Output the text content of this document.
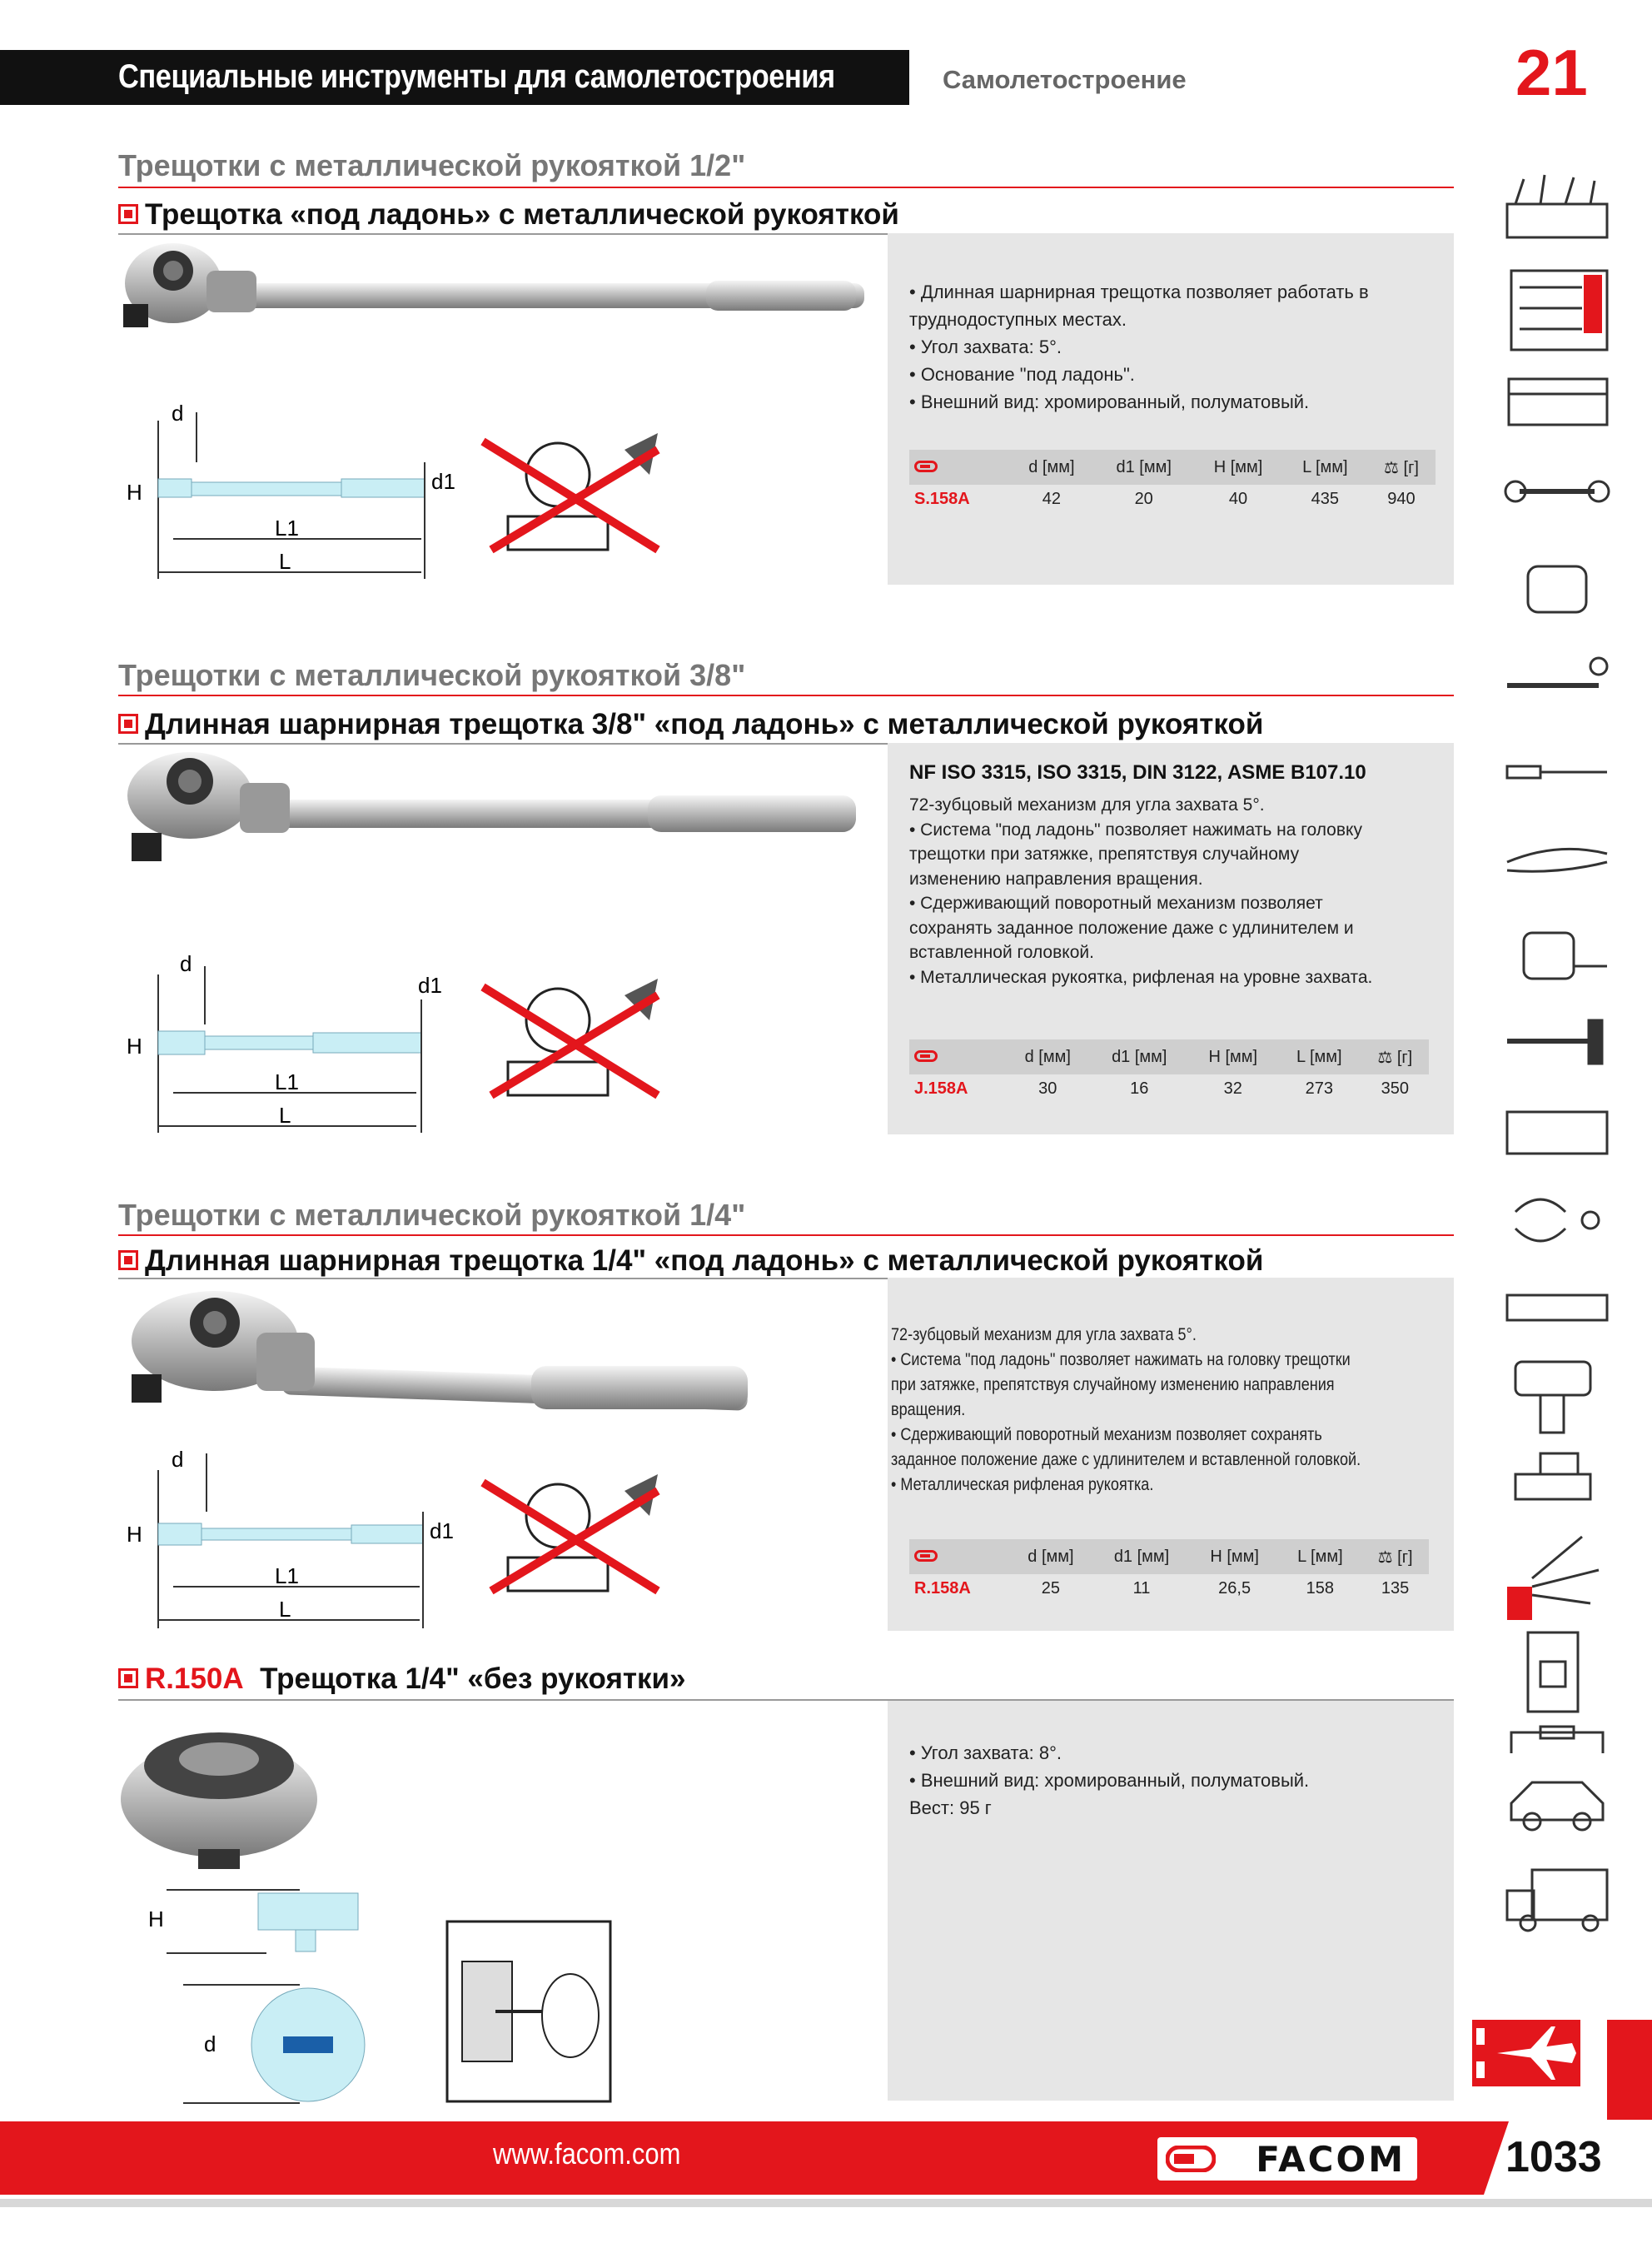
Специальные инструменты для самолетостроения	Самолетостроение	21
Трещотки с металлической рукояткой 1/2"
Трещотка «под ладонь» с металлической рукояткой
d
H	d1
L1
L
• Длинная шарнирная трещотка позволяет работать в
труднодоступных местах.
• Угол захвата: 5°.
• Основание "под ладонь".
• Внешний вид: хромированный, полуматовый.
	d [мм]	d1 [мм]	H [мм]	L [мм]	⚖ [г]
S.158A	42	20	40	435	940
Трещотки с металлической рукояткой 3/8"
Длинная шарнирная трещотка 3/8" «под ладонь» с металлической рукояткой
d
H
d1
L1
L
NF ISO 3315, ISO 3315, DIN 3122, ASME B107.10
72-зубцовый механизм для угла захвата 5°.
• Система "под ладонь" позволяет нажимать на головку
трещотки при затяжке, препятствуя случайному
изменению направления вращения.
• Сдерживающий поворотный механизм позволяет
сохранять заданное положение даже с удлинителем и
вставленной головкой.
• Металлическая рукоятка, рифленая на уровне захвата.
	d [мм]	d1 [мм]	H [мм]	L [мм]	⚖ [г]
J.158A	30	16	32	273	350
Трещотки с металлической рукояткой 1/4"
Длинная шарнирная трещотка 1/4" «под ладонь» с металлической рукояткой
d
H	d1
L1
L
72-зубцовый механизм для угла захвата 5°.
• Система "под ладонь" позволяет нажимать на головку трещотки
при затяжке, препятствуя случайному изменению направления
вращения.
• Сдерживающий поворотный механизм позволяет сохранять
заданное положение даже с удлинителем и вставленной головкой.
• Металлическая рифленая рукоятка.
	d [мм]	d1 [мм]	H [мм]	L [мм]	⚖ [г]
R.158A	25	11	26,5	158	135
R.150A Трещотка 1/4" «без рукоятки»
H
d
• Угол захвата: 8°.
• Внешний вид: хромированный, полуматовый.
Вест: 95 г
www.facom.com	FACOM 1033
